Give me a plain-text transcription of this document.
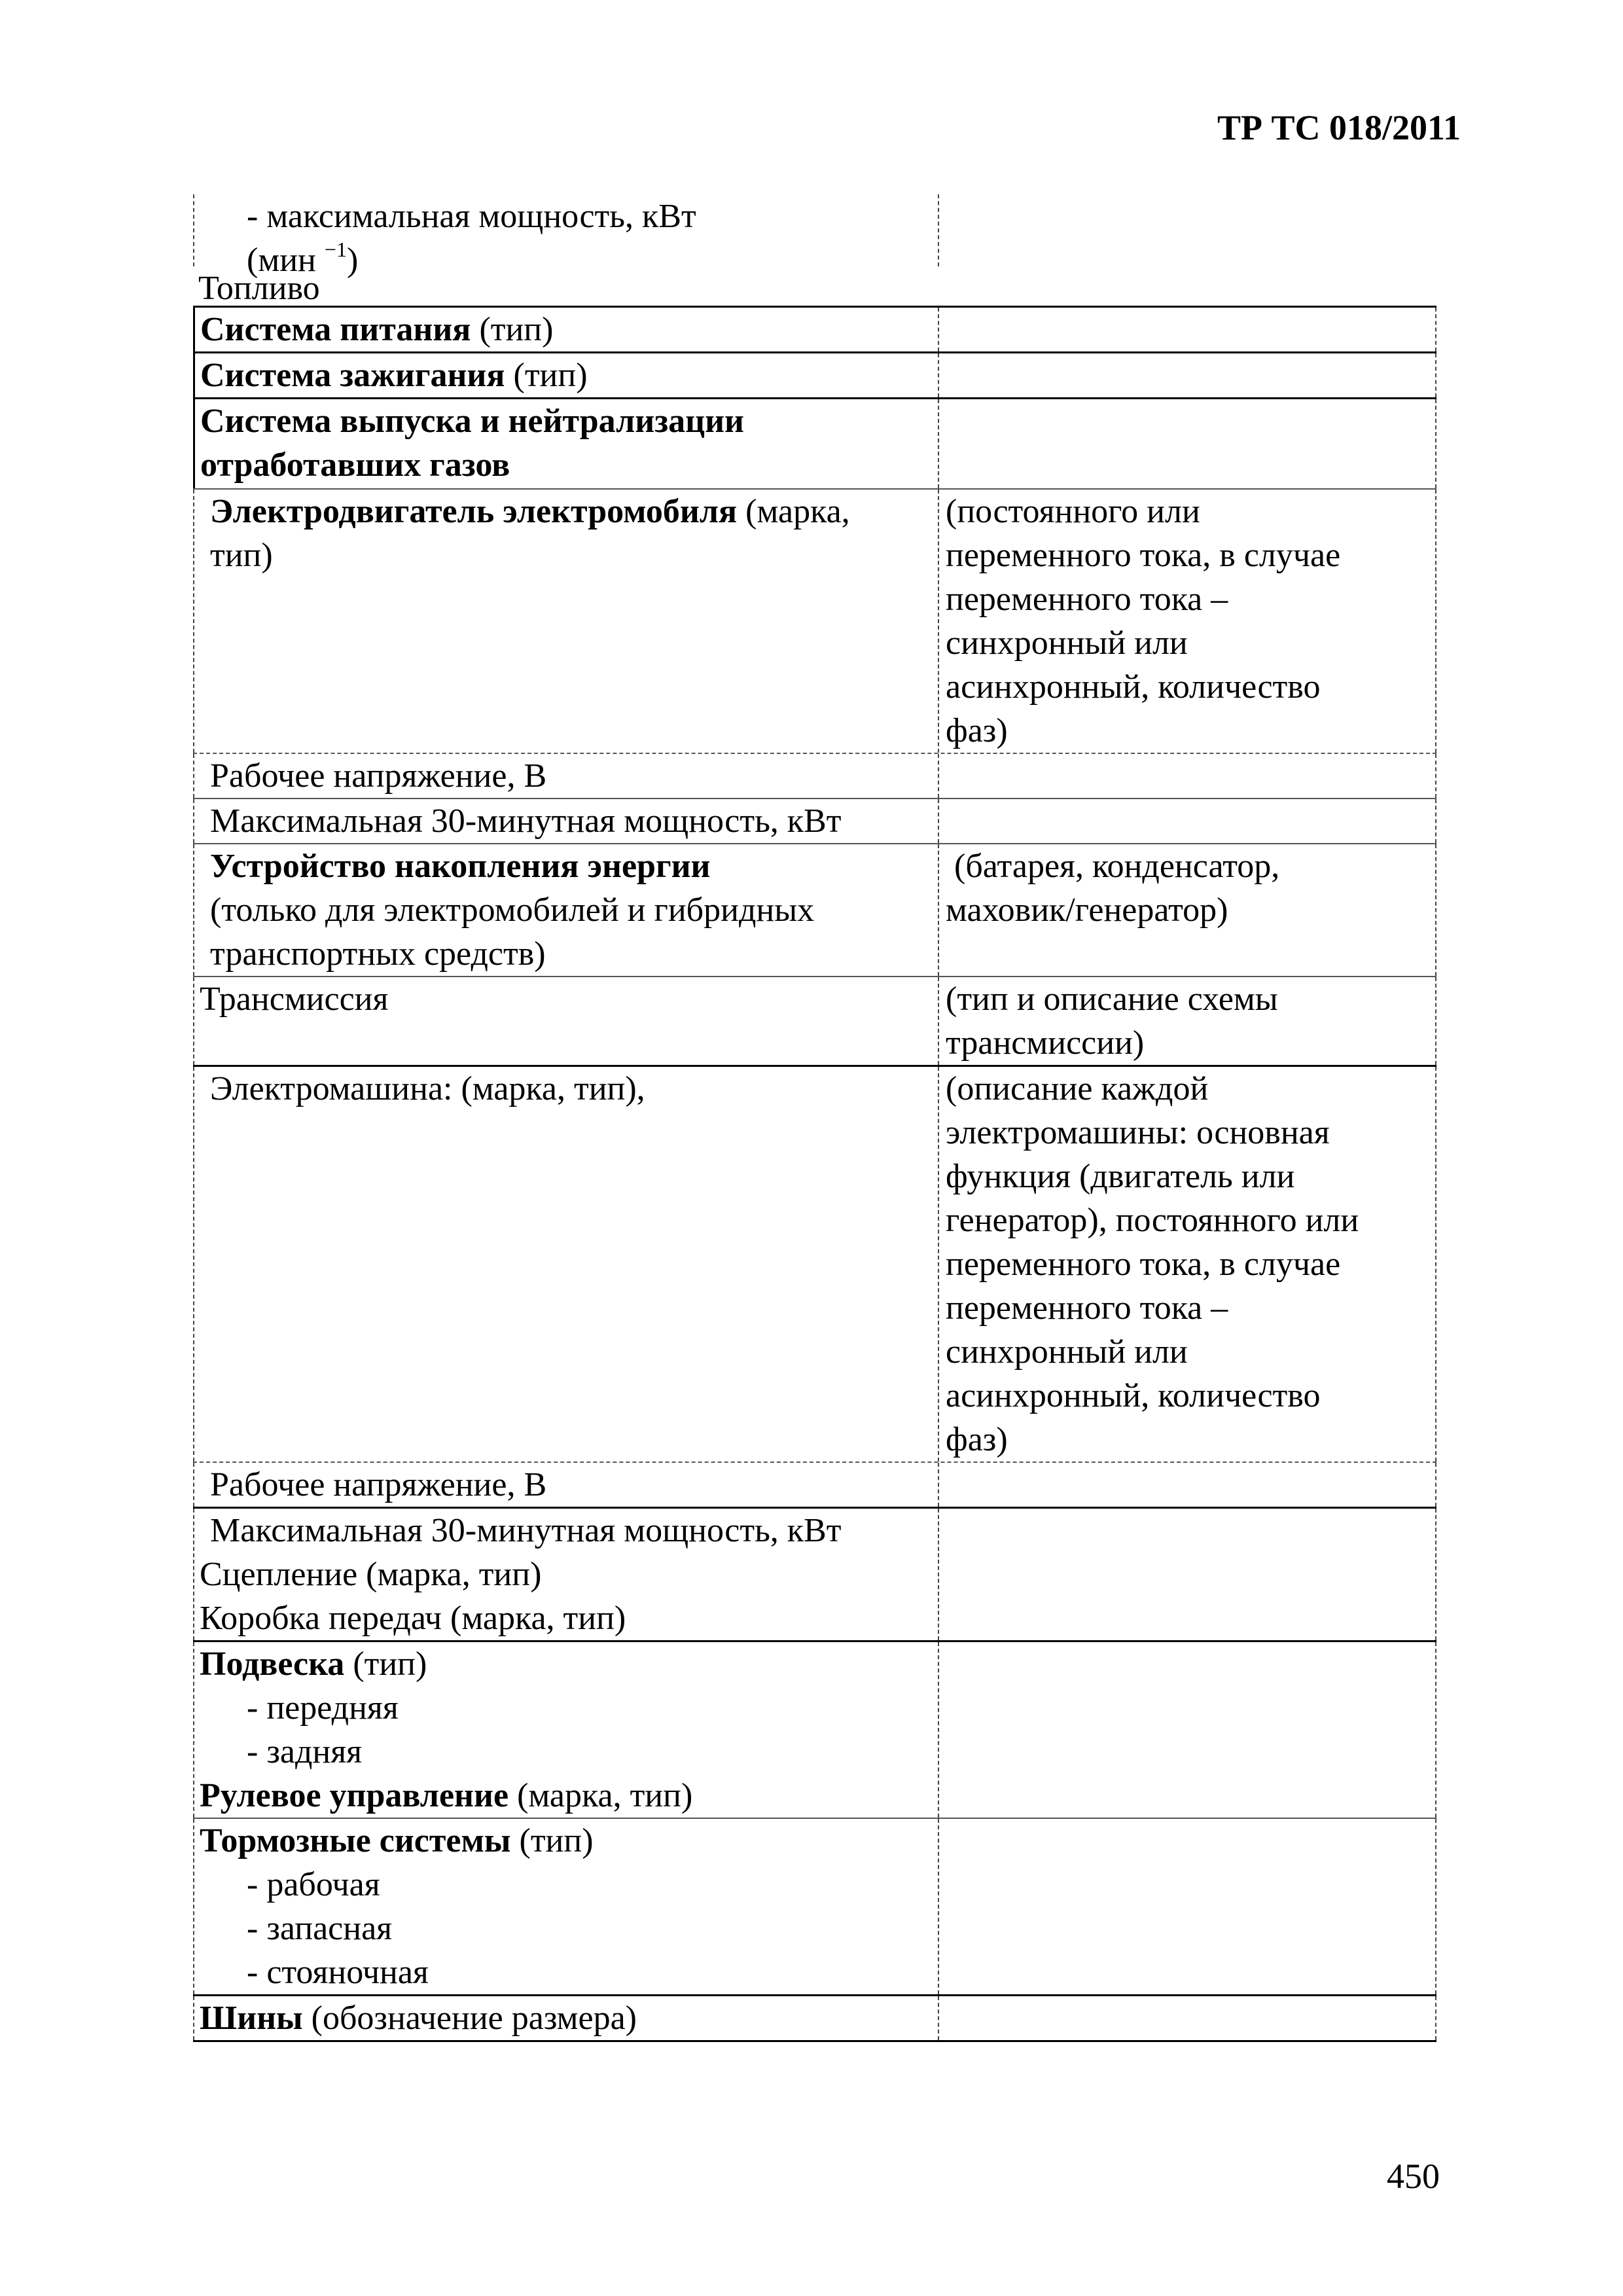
ТР ТС 018/2011
- максимальная мощность, кВт
(мин $^{-1}$)
Топливо
Система питания (тип)
Система зажигания (тип)
Система выпуска и нейтрализации
отработавших газов
Электродвигатель электромобиля (марка,
тип)
(постоянного или
переменного тока, в случае
переменного тока –
синхронный или
асинхронный, количество
фаз)
Рабочее напряжение, В
Максимальная 30-минутная мощность, кВт
Устройство накопления энергии
(только для электромобилей и гибридных
транспортных средств)
(батарея, конденсатор,
маховик/генератор)
Трансмиссия	(тип и описание схемы
трансмиссии)
Электромашина: (марка, тип),	(описание каждой
электромашины: основная
функция (двигатель или
генератор), постоянного или
переменного тока, в случае
переменного тока –
синхронный или
асинхронный, количество
фаз)
Рабочее напряжение, В
Максимальная 30-минутная мощность, кВт
Сцепление (марка, тип)
Коробка передач (марка, тип)
Подвеска (тип)
- передняя
- задняя
Рулевое управление (марка, тип)
Тормозные системы (тип)
- рабочая
- запасная
- стояночная
Шины (обозначение размера)
450
